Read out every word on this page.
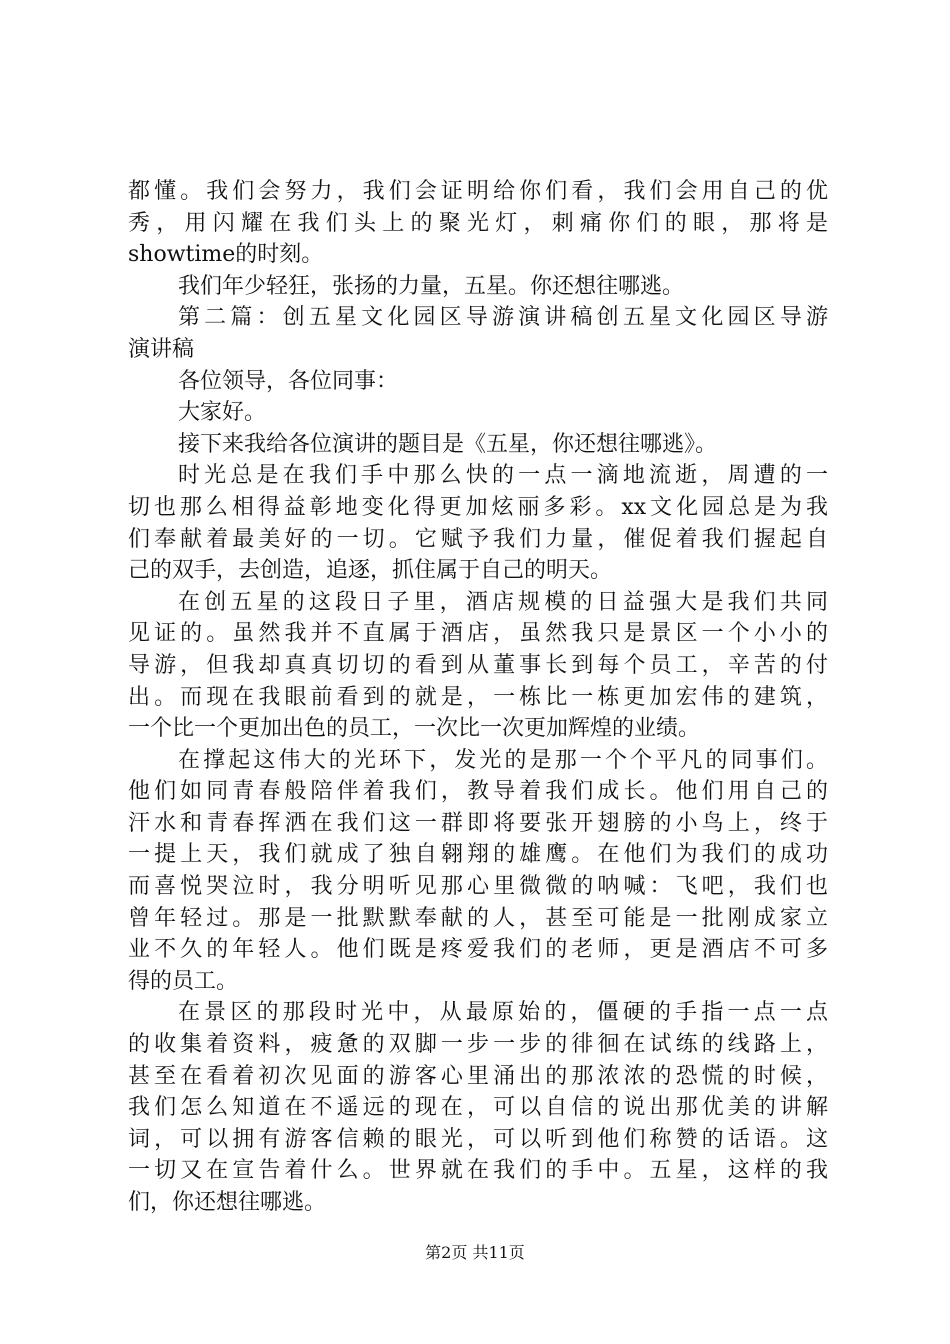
都懂。我们会努力，我们会证明给你们看，我们会用自己的优
秀，用闪耀在我们头上的聚光灯，刺痛你们的眼，那将是
showtime的时刻。
我们年少轻狂，张扬的力量，五星。你还想往哪逃。
第二篇：创五星文化园区导游演讲稿创五星文化园区导游
演讲稿
各位领导，各位同事：
大家好。
接下来我给各位演讲的题目是《五星，你还想往哪逃》。
时光总是在我们手中那么快的一点一滴地流逝，周遭的一
切也那么相得益彰地变化得更加炫丽多彩。xx文化园总是为我
们奉献着最美好的一切。它赋予我们力量，催促着我们握起自
己的双手，去创造，追逐，抓住属于自己的明天。
在创五星的这段日子里，酒店规模的日益强大是我们共同
见证的。虽然我并不直属于酒店，虽然我只是景区一个小小的
导游，但我却真真切切的看到从董事长到每个员工，辛苦的付
出。而现在我眼前看到的就是，一栋比一栋更加宏伟的建筑，
一个比一个更加出色的员工，一次比一次更加辉煌的业绩。
在撑起这伟大的光环下，发光的是那一个个平凡的同事们。
他们如同青春般陪伴着我们，教导着我们成长。他们用自己的
汗水和青春挥洒在我们这一群即将要张开翅膀的小鸟上，终于
一提上天，我们就成了独自翱翔的雄鹰。在他们为我们的成功
而喜悦哭泣时，我分明听见那心里微微的呐喊：飞吧，我们也
曾年轻过。那是一批默默奉献的人，甚至可能是一批刚成家立
业不久的年轻人。他们既是疼爱我们的老师，更是酒店不可多
得的员工。
在景区的那段时光中，从最原始的，僵硬的手指一点一点
的收集着资料，疲惫的双脚一步一步的徘徊在试练的线路上，
甚至在看着初次见面的游客心里涌出的那浓浓的恐慌的时候，
我们怎么知道在不遥远的现在，可以自信的说出那优美的讲解
词，可以拥有游客信赖的眼光，可以听到他们称赞的话语。这
一切又在宣告着什么。世界就在我们的手中。五星，这样的我
们，你还想往哪逃。
第2页 共11页
